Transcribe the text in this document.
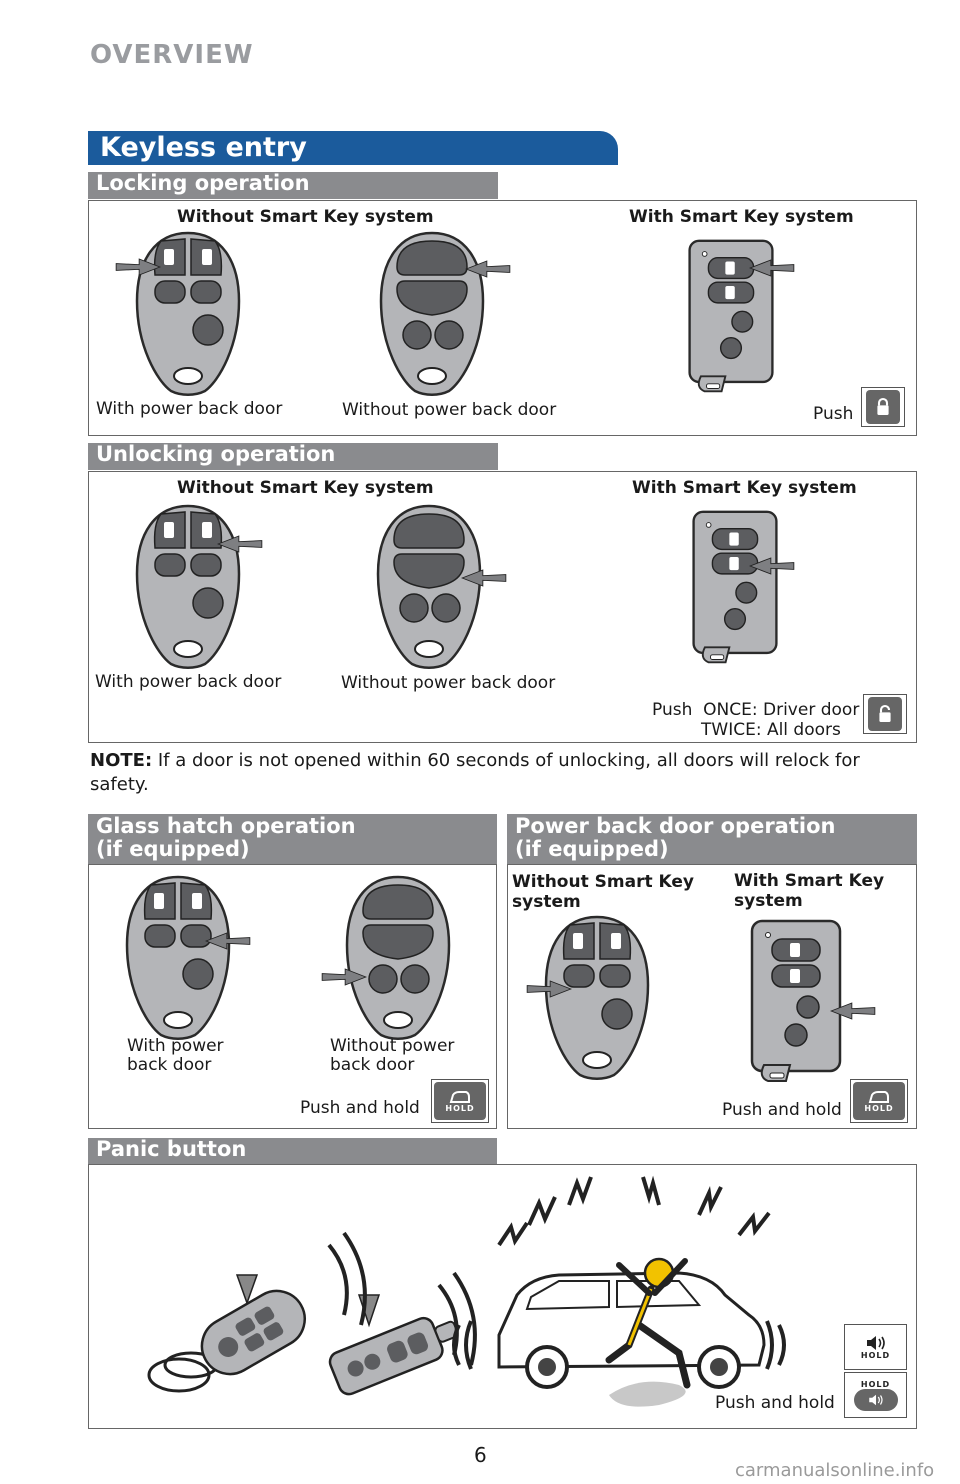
OVERVIEW
Keyless entry
Locking operation
Without Smart Key system	With Smart Key system
With power back door	Without power back door	Push
Unlocking operation
Without Smart Key system	With Smart Key system
With power back door	Without power back door
Push  ONCE: Driver door
TWICE: All doors
NOTE: If a door is not opened within 60 seconds of unlocking, all doors will relock for
safety.
Glass hatch operation
(if equipped)
With power
back door
Without power
back door
Push and hold	HOLD
Power back door operation
(if equipped)
Without Smart Key
system
With Smart Key
system
Push and hold	HOLD
Panic button
Push and hold
HOLD
HOLD
6
carmanualsonline.info
